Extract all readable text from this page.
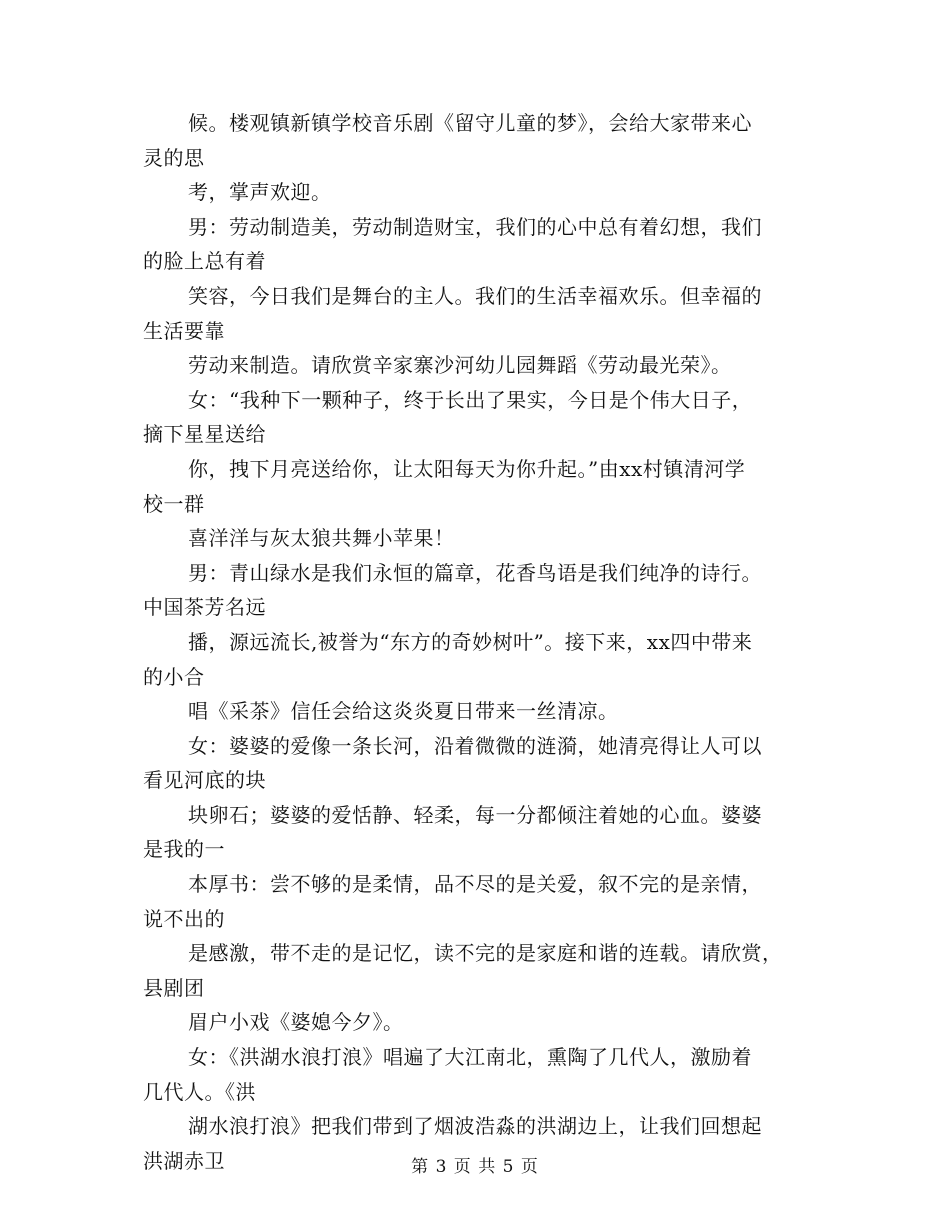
候。楼观镇新镇学校音乐剧《留守儿童的梦》，会给大家带来心
灵的思
考，掌声欢迎。
男：劳动制造美，劳动制造财宝，我们的心中总有着幻想，我们
的脸上总有着
笑容，今日我们是舞台的主人。我们的生活幸福欢乐。但幸福的
生活要靠
劳动来制造。请欣赏辛家寨沙河幼儿园舞蹈《劳动最光荣》。
女：“我种下一颗种子，终于长出了果实，今日是个伟大日子，
摘下星星送给
你，拽下月亮送给你，让太阳每天为你升起。”由xx村镇清河学
校一群
喜洋洋与灰太狼共舞小苹果！
男：青山绿水是我们永恒的篇章，花香鸟语是我们纯净的诗行。
中国茶芳名远
播，源远流长,被誉为“东方的奇妙树叶”。接下来，xx四中带来
的小合
唱《采茶》信任会给这炎炎夏日带来一丝清凉。
女：婆婆的爱像一条长河，沿着微微的涟漪，她清亮得让人可以
看见河底的块
块卵石；婆婆的爱恬静、轻柔，每一分都倾注着她的心血。婆婆
是我的一
本厚书：尝不够的是柔情，品不尽的是关爱，叙不完的是亲情，
说不出的
是感激，带不走的是记忆，读不完的是家庭和谐的连载。请欣赏，
县剧团
眉户小戏《婆媳今夕》。
女：《洪湖水浪打浪》唱遍了大江南北，熏陶了几代人，激励着
几代人。《洪
湖水浪打浪》把我们带到了烟波浩淼的洪湖边上，让我们回想起
洪湖赤卫	第 3 页 共 5 页
